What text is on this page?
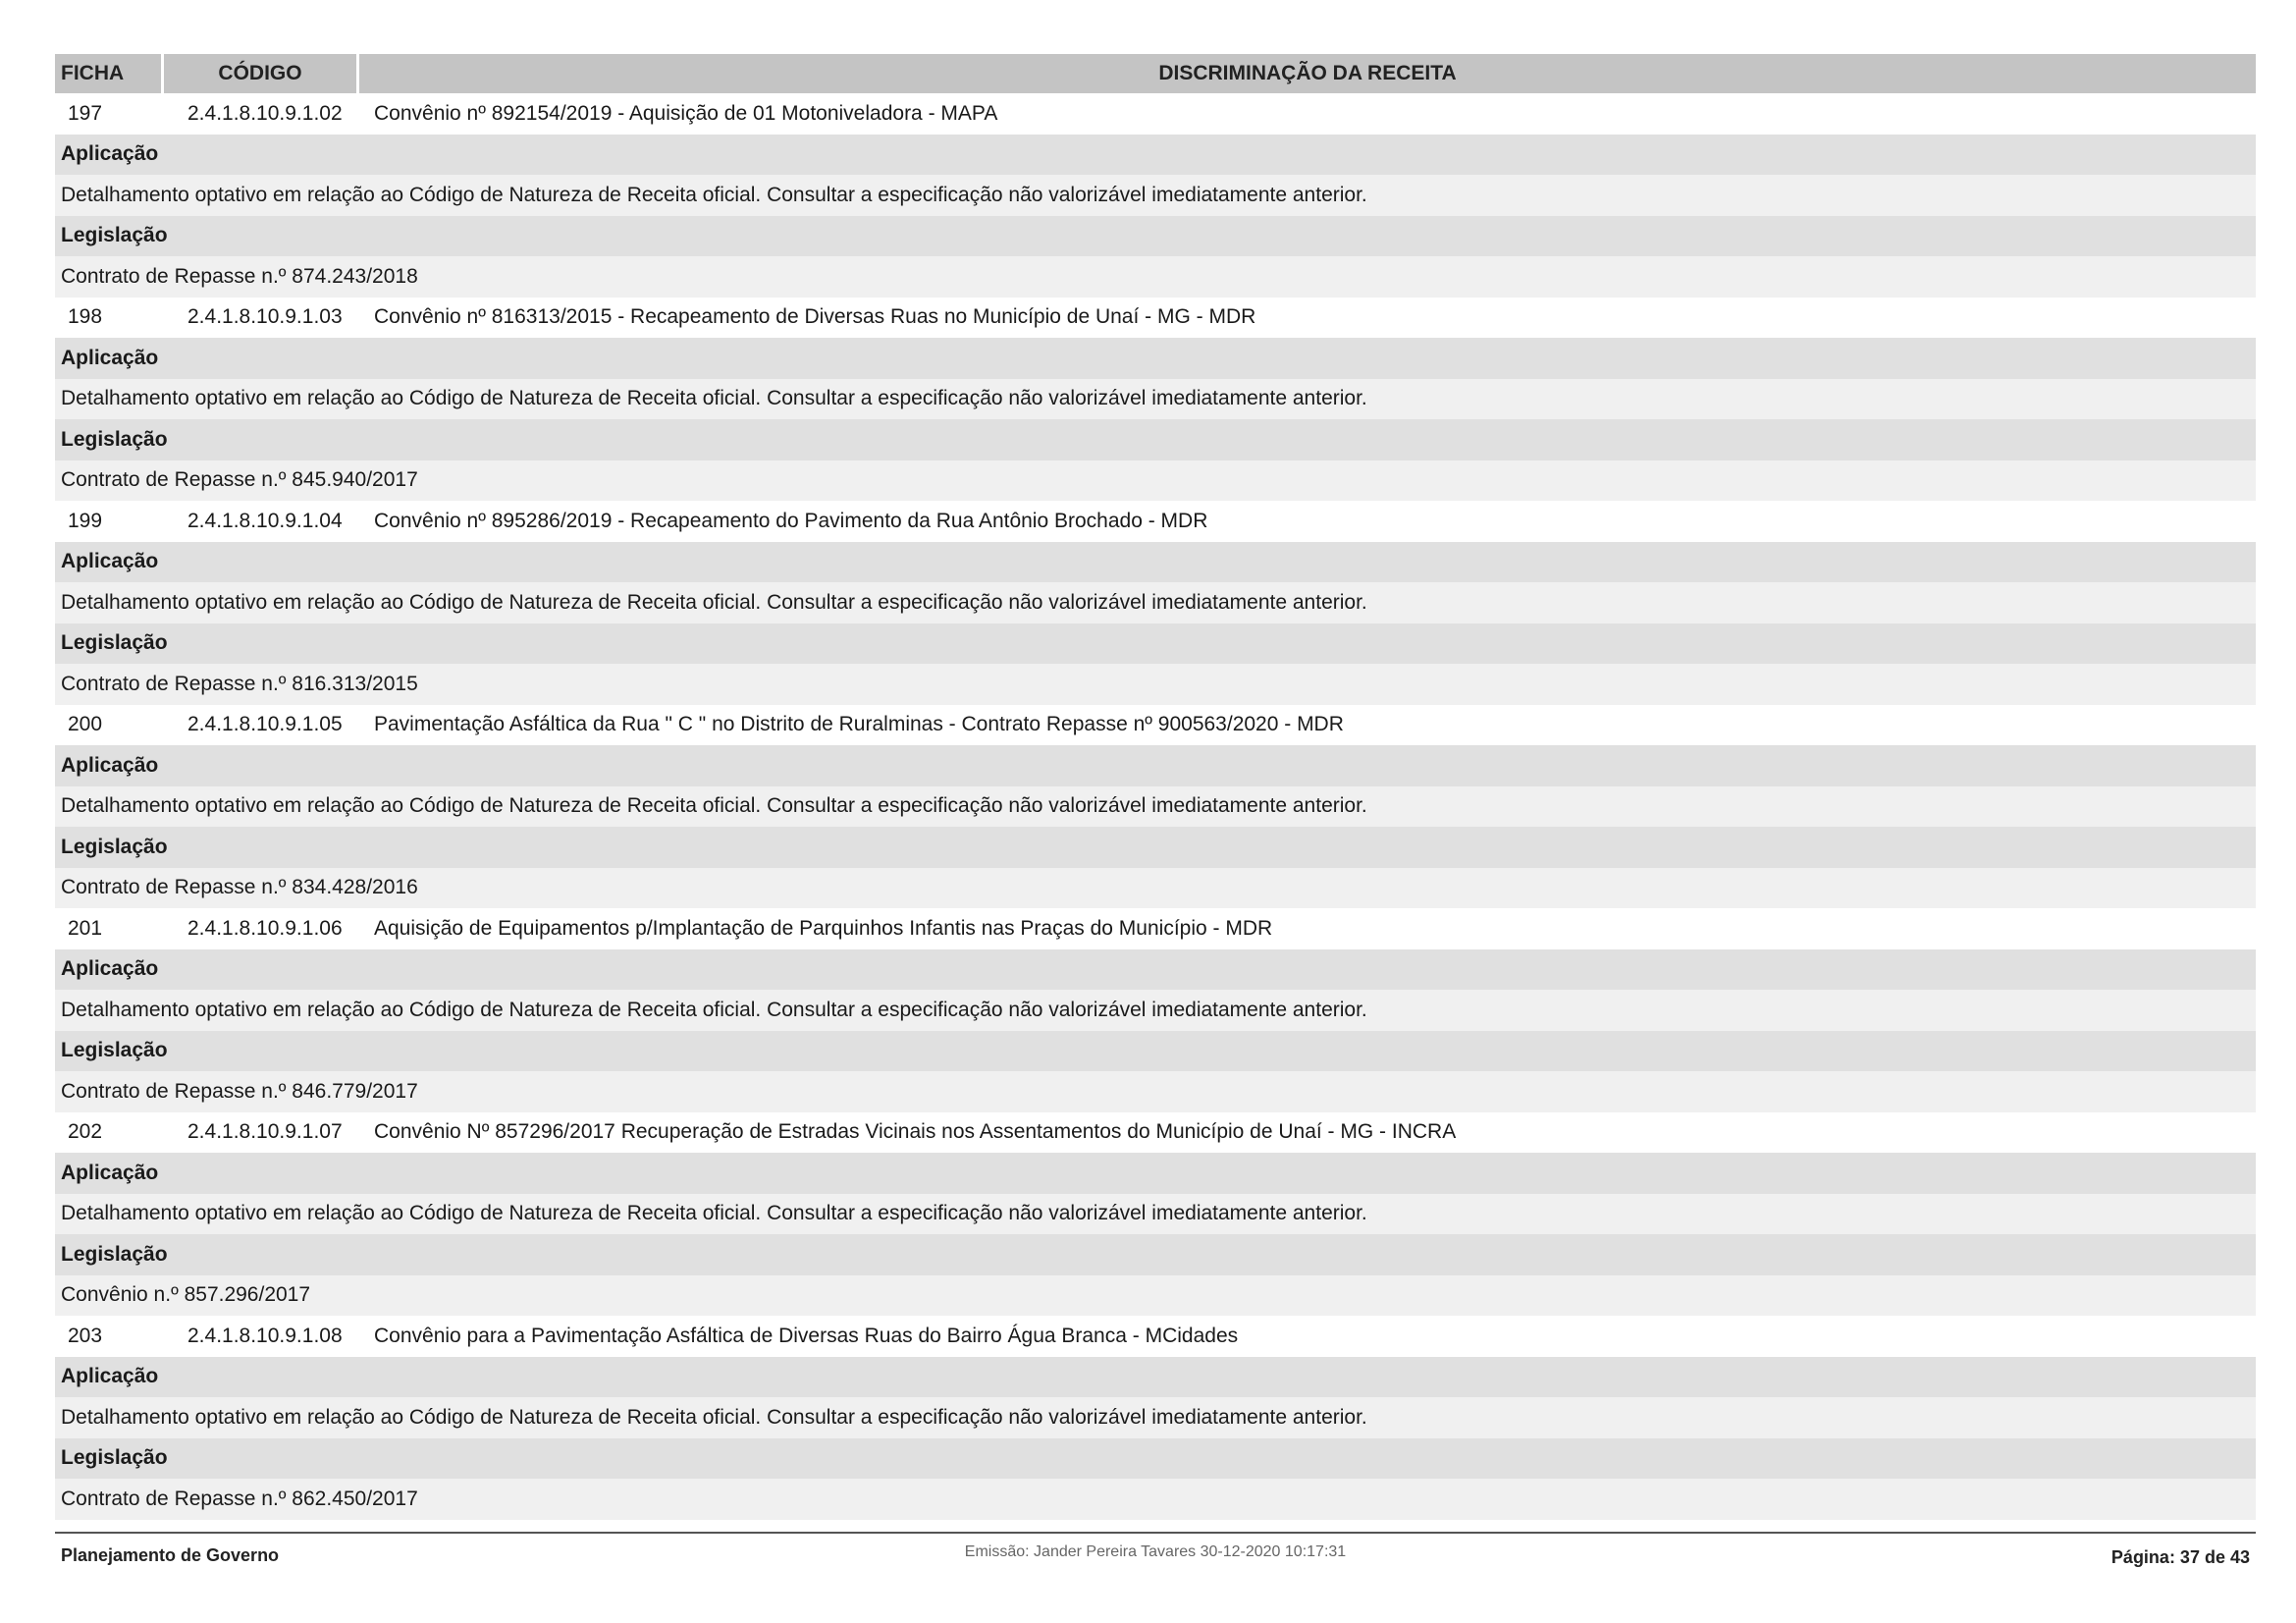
FICHA	CÓDIGO	DISCRIMINAÇÃO DA RECEITA
197	2.4.1.8.10.9.1.02	Convênio nº 892154/2019 - Aquisição de 01 Motoniveladora - MAPA
Aplicação
Detalhamento optativo em relação ao Código de Natureza de Receita oficial. Consultar a especificação não valorizável imediatamente anterior.
Legislação
Contrato de Repasse n.º 874.243/2018
198	2.4.1.8.10.9.1.03	Convênio nº 816313/2015 - Recapeamento de Diversas Ruas no Município de Unaí - MG - MDR
Aplicação
Detalhamento optativo em relação ao Código de Natureza de Receita oficial. Consultar a especificação não valorizável imediatamente anterior.
Legislação
Contrato de Repasse n.º 845.940/2017
199	2.4.1.8.10.9.1.04	Convênio nº 895286/2019 - Recapeamento do Pavimento da Rua Antônio Brochado - MDR
Aplicação
Detalhamento optativo em relação ao Código de Natureza de Receita oficial. Consultar a especificação não valorizável imediatamente anterior.
Legislação
Contrato de Repasse n.º 816.313/2015
200	2.4.1.8.10.9.1.05	Pavimentação Asfáltica da Rua " C " no Distrito de Ruralminas - Contrato Repasse nº 900563/2020 - MDR
Aplicação
Detalhamento optativo em relação ao Código de Natureza de Receita oficial. Consultar a especificação não valorizável imediatamente anterior.
Legislação
Contrato de Repasse n.º 834.428/2016
201	2.4.1.8.10.9.1.06	Aquisição de Equipamentos p/Implantação de Parquinhos Infantis nas Praças do Município - MDR
Aplicação
Detalhamento optativo em relação ao Código de Natureza de Receita oficial. Consultar a especificação não valorizável imediatamente anterior.
Legislação
Contrato de Repasse n.º 846.779/2017
202	2.4.1.8.10.9.1.07	Convênio Nº 857296/2017 Recuperação de Estradas Vicinais nos Assentamentos do Município de Unaí - MG - INCRA
Aplicação
Detalhamento optativo em relação ao Código de Natureza de Receita oficial. Consultar a especificação não valorizável imediatamente anterior.
Legislação
Convênio n.º 857.296/2017
203	2.4.1.8.10.9.1.08	Convênio para a Pavimentação Asfáltica de Diversas Ruas do Bairro Água Branca - MCidades
Aplicação
Detalhamento optativo em relação ao Código de Natureza de Receita oficial. Consultar a especificação não valorizável imediatamente anterior.
Legislação
Contrato de Repasse n.º 862.450/2017
Planejamento de Governo	Emissão: Jander Pereira Tavares 30-12-2020 10:17:31	Página: 37 de 43
